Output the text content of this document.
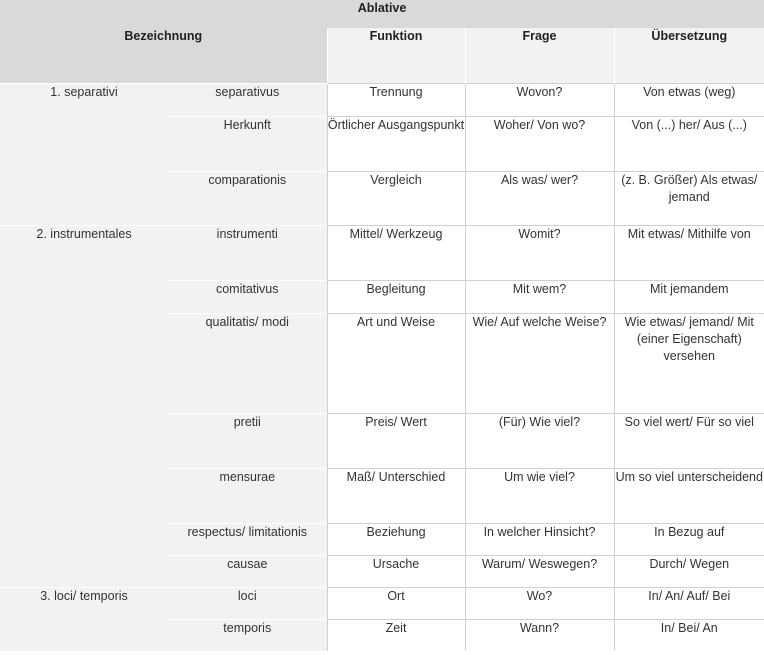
Ablative				
Bezeichnung		Funktion	Frage	Übersetzung
1. separativi	separativus	Trennung	Wovon?	Von etwas (weg)
	Herkunft	Örtlicher Ausgangspunkt	Woher/ Von wo?	Von (...) her/ Aus (...)
	comparationis	Vergleich	Als was/ wer?	(z. B. Größer) Als etwas/ jemand
2. instrumentales	instrumenti	Mittel/ Werkzeug	Womit?	Mit etwas/ Mithilfe von
	comitativus	Begleitung	Mit wem?	Mit jemandem
	qualitatis/ modi	Art und Weise	Wie/ Auf welche Weise?	Wie etwas/ jemand/ Mit (einer Eigenschaft) versehen
	pretii	Preis/ Wert	(Für) Wie viel?	So viel wert/ Für so viel
	mensurae	Maß/ Unterschied	Um wie viel?	Um so viel unterscheidend
	respectus/ limitationis	Beziehung	In welcher Hinsicht?	In Bezug auf
	causae	Ursache	Warum/ Weswegen?	Durch/ Wegen
3. loci/ temporis	loci	Ort	Wo?	In/ An/ Auf/ Bei
	temporis	Zeit	Wann?	In/ Bei/ An
